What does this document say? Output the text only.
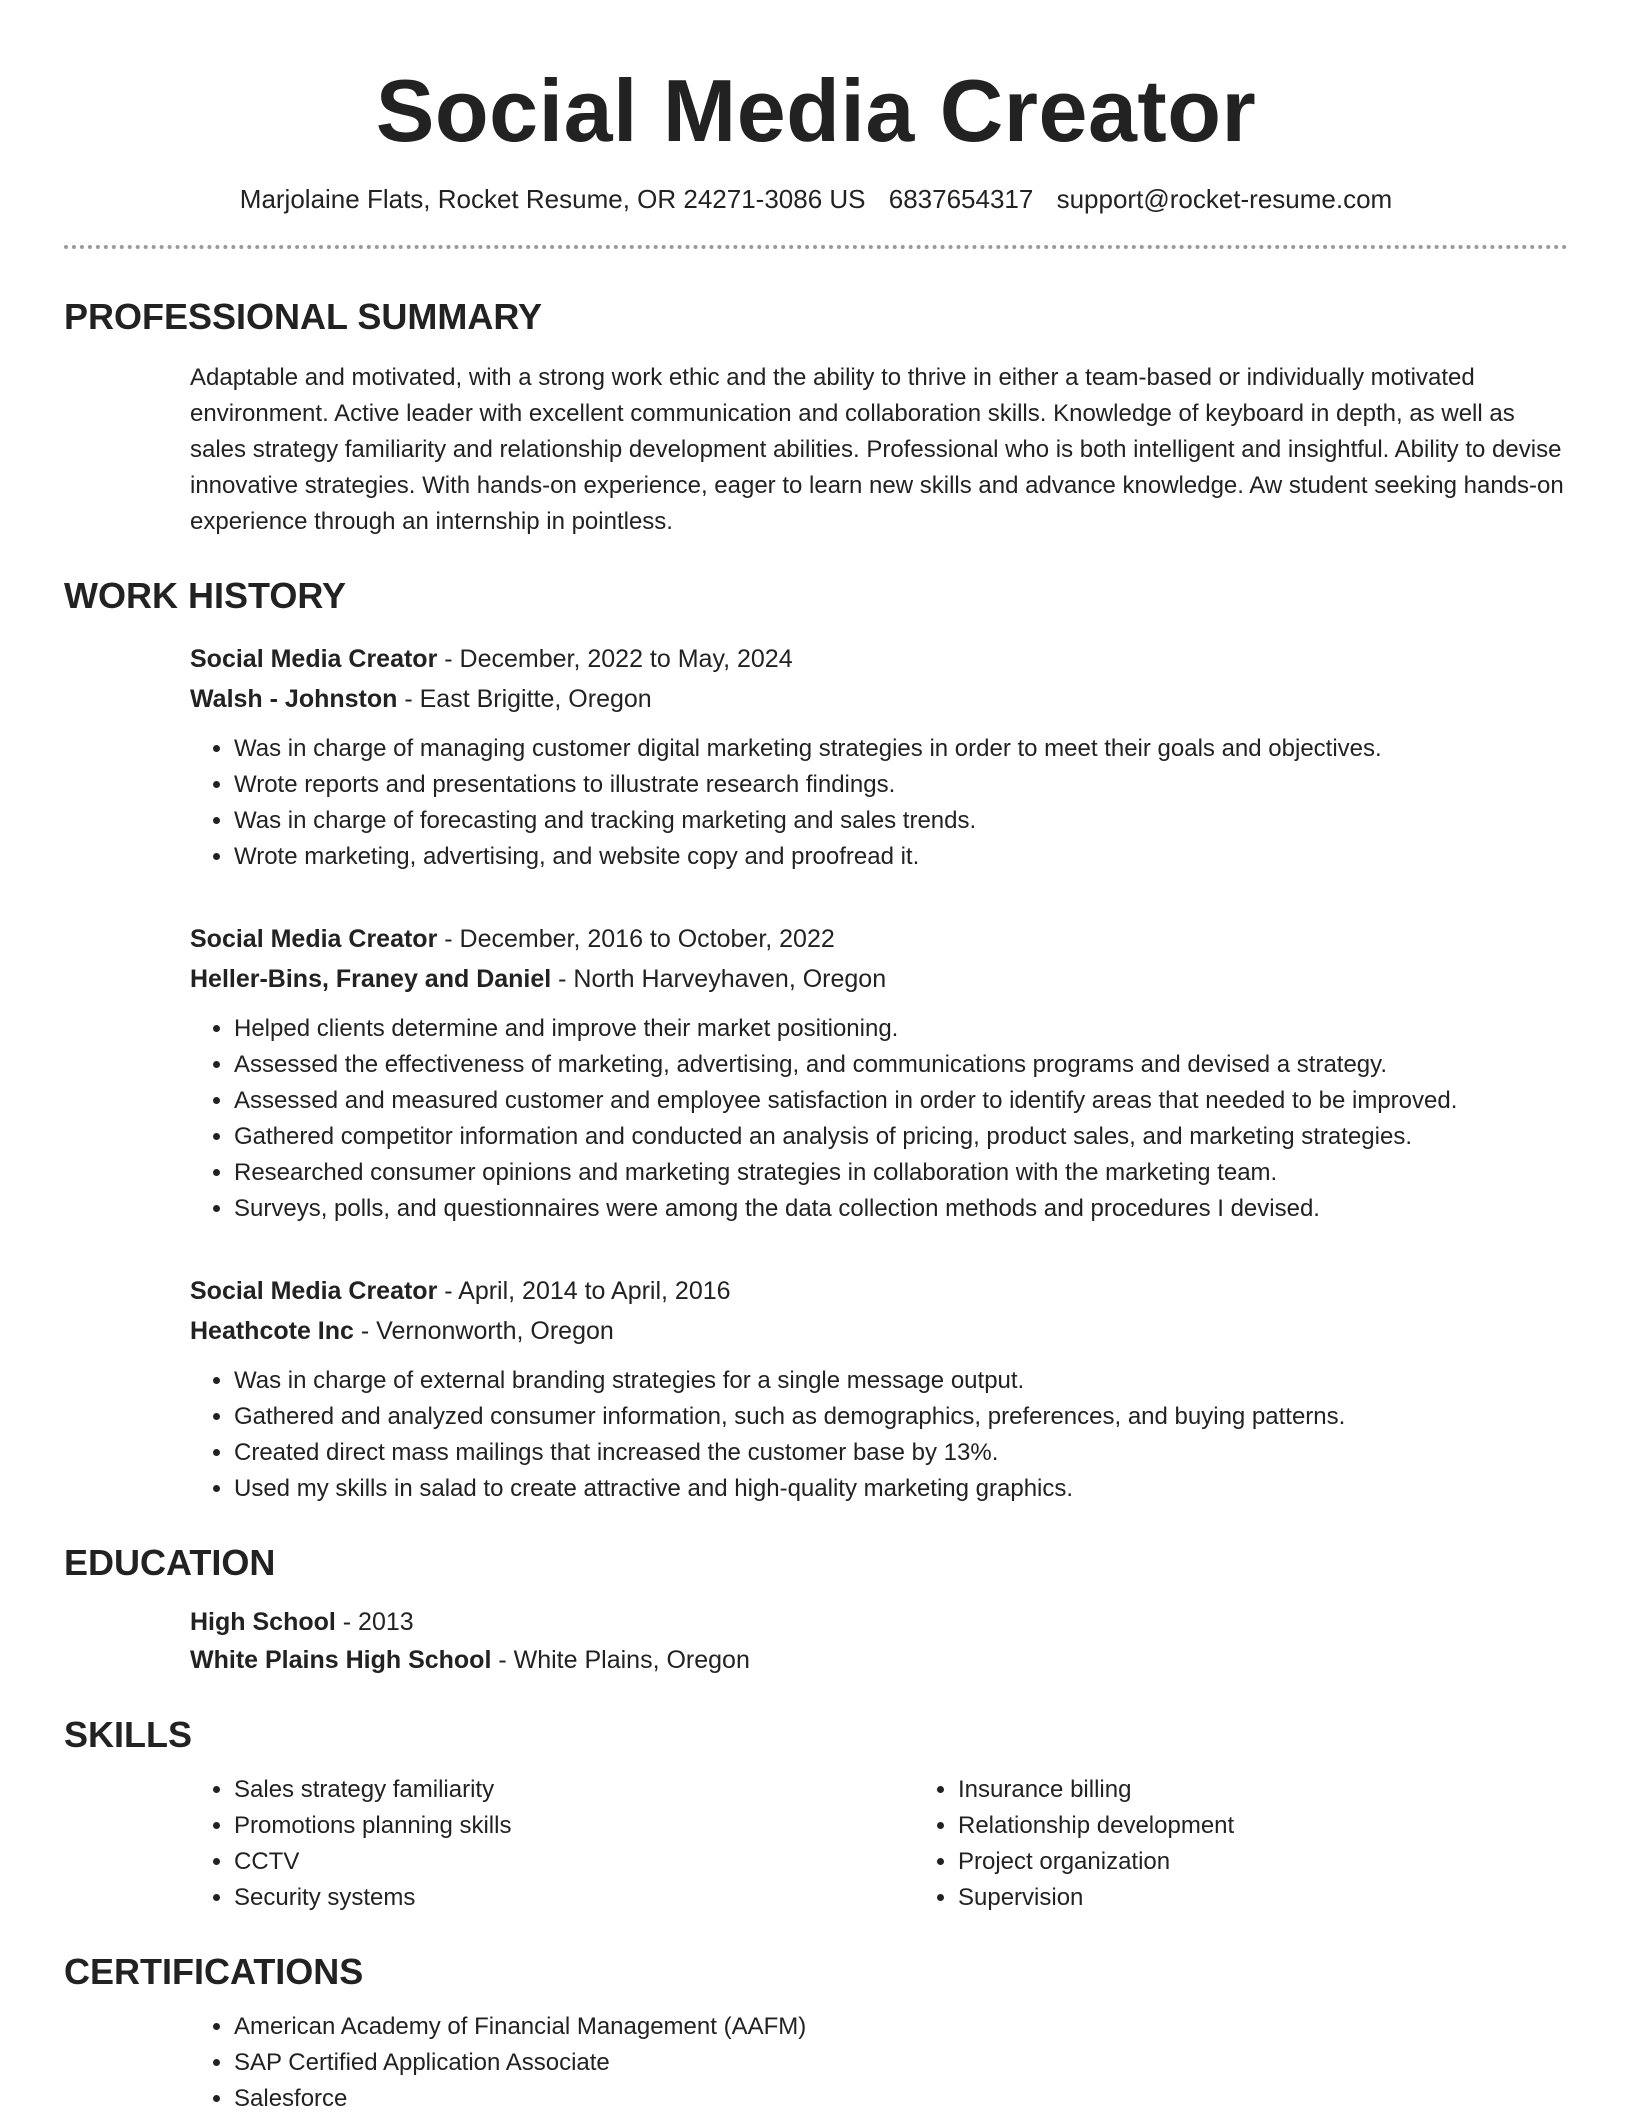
Social Media Creator
Marjolaine Flats, Rocket Resume, OR 24271-3086 US 6837654317 support@rocket-resume.com
PROFESSIONAL SUMMARY

Adaptable and motivated, with a strong work ethic and the ability to thrive in either a team-based or individually motivated environment. Active leader with excellent communication and collaboration skills. Knowledge of keyboard in depth, as well as sales strategy familiarity and relationship development abilities. Professional who is both intelligent and insightful. Ability to devise innovative strategies. With hands-on experience, eager to learn new skills and advance knowledge. Aw student seeking hands-on experience through an internship in pointless.

WORK HISTORY
Social Media Creator - December, 2022 to May, 2024
Walsh - Johnston - East Brigitte, Oregon
• Was in charge of managing customer digital marketing strategies in order to meet their goals and objectives.
• Wrote reports and presentations to illustrate research findings.
• Was in charge of forecasting and tracking marketing and sales trends.
• Wrote marketing, advertising, and website copy and proofread it.
Social Media Creator - December, 2016 to October, 2022
Heller-Bins, Franey and Daniel - North Harveyhaven, Oregon
• Helped clients determine and improve their market positioning.
• Assessed the effectiveness of marketing, advertising, and communications programs and devised a strategy.
• Assessed and measured customer and employee satisfaction in order to identify areas that needed to be improved.
• Gathered competitor information and conducted an analysis of pricing, product sales, and marketing strategies.
• Researched consumer opinions and marketing strategies in collaboration with the marketing team.
• Surveys, polls, and questionnaires were among the data collection methods and procedures I devised.
Social Media Creator - April, 2014 to April, 2016
Heathcote Inc - Vernonworth, Oregon
• Was in charge of external branding strategies for a single message output.
• Gathered and analyzed consumer information, such as demographics, preferences, and buying patterns.
• Created direct mass mailings that increased the customer base by 13%.
• Used my skills in salad to create attractive and high-quality marketing graphics.
EDUCATION
High School - 2013
White Plains High School - White Plains, Oregon
SKILLS
• Sales strategy familiarity
• Promotions planning skills
• CCTV
• Security systems
• Insurance billing
• Relationship development
• Project organization
• Supervision
CERTIFICATIONS
• American Academy of Financial Management (AAFM)
• SAP Certified Application Associate
• Salesforce
